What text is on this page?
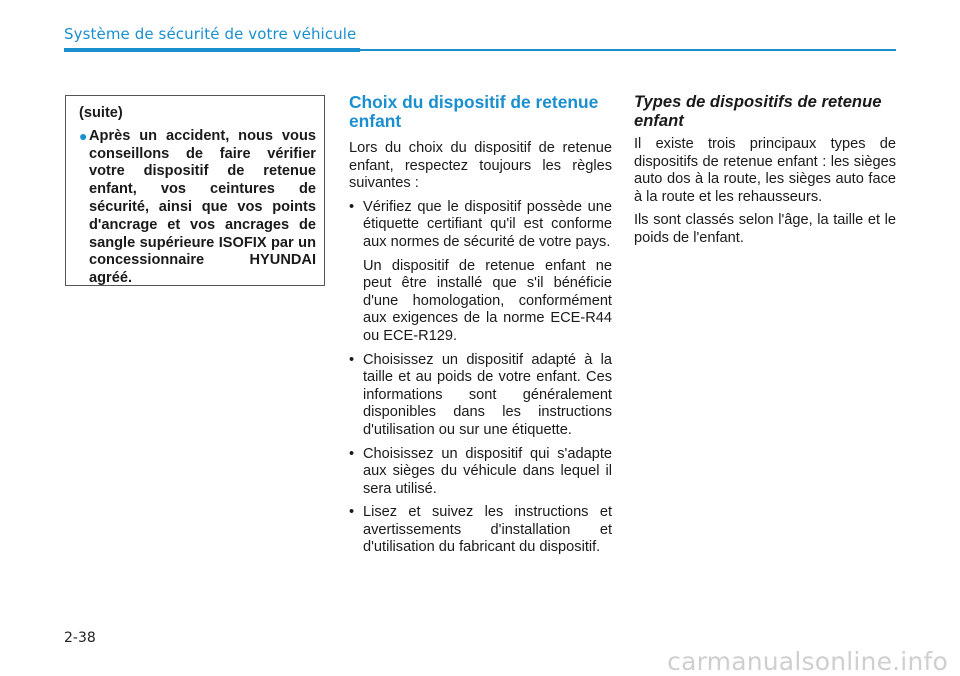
Système de sécurité de votre véhicule
(suite)
● Après un accident, nous vous conseillons de faire vérifier votre dispositif de retenue enfant, vos ceintures de sécurité, ainsi que vos points d'ancrage et vos ancrages de sangle supérieure ISOFIX par un concessionnaire HYUNDAI agréé.
Choix du dispositif de retenue enfant

Lors du choix du dispositif de retenue enfant, respectez toujours les règles suivantes :

• Vérifiez que le dispositif possède une étiquette certifiant qu'il est conforme aux normes de sécurité de votre pays.

Un dispositif de retenue enfant ne peut être installé que s'il bénéficie d'une homologation, conformément aux exigences de la norme ECE-R44 ou ECE-R129.

• Choisissez un dispositif adapté à la taille et au poids de votre enfant. Ces informations sont généralement disponibles dans les instructions d'utilisation ou sur une étiquette.

• Choisissez un dispositif qui s'adapte aux sièges du véhicule dans lequel il sera utilisé.

• Lisez et suivez les instructions et avertissements d'installation et d'utilisation du fabricant du dispositif.

Types de dispositifs de retenue enfant

Il existe trois principaux types de dispositifs de retenue enfant : les sièges auto dos à la route, les sièges auto face à la route et les rehausseurs.

Ils sont classés selon l'âge, la taille et le poids de l'enfant.

2-38
carmanualsonline.info
